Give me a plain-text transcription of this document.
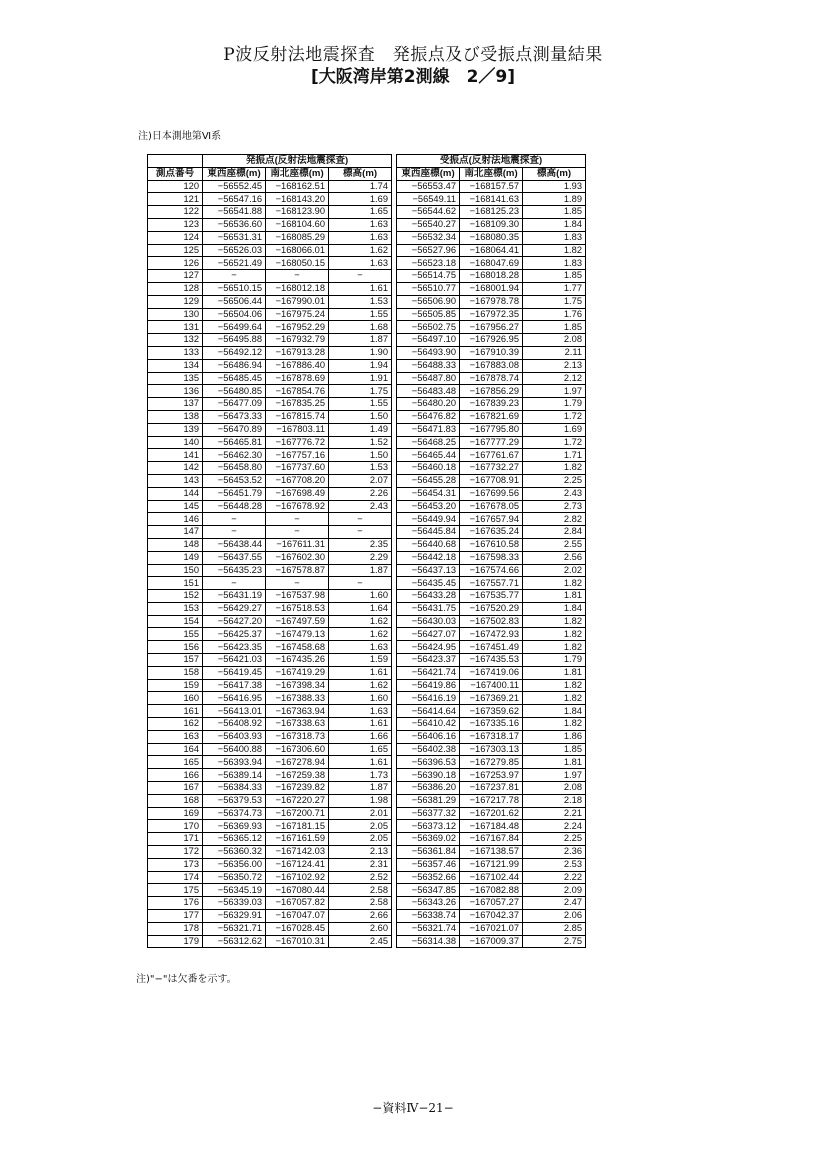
P波反射法地震探査　発振点及び受振点測量結果
[大阪湾岸第2測線　2／9]
注)日本測地第Ⅵ系
	発振点(反射法地震探査)				受振点(反射法地震探査)		
測点番号	東西座標(m)	南北座標(m)	標高(m)		東西座標(m)	南北座標(m)	標高(m)
120	−56552.45	−168162.51	1.74		−56553.47	−168157.57	1.93
121	−56547.16	−168143.20	1.69		−56549.11	−168141.63	1.89
122	−56541.88	−168123.90	1.65		−56544.62	−168125.23	1.85
123	−56536.60	−168104.60	1.63		−56540.27	−168109.30	1.84
124	−56531.31	−168085.29	1.63		−56532.34	−168080.35	1.83
125	−56526.03	−168066.01	1.62		−56527.96	−168064.41	1.82
126	−56521.49	−168050.15	1.63		−56523.18	−168047.69	1.83
127	−	−	−		−56514.75	−168018.28	1.85
128	−56510.15	−168012.18	1.61		−56510.77	−168001.94	1.77
129	−56506.44	−167990.01	1.53		−56506.90	−167978.78	1.75
130	−56504.06	−167975.24	1.55		−56505.85	−167972.35	1.76
131	−56499.64	−167952.29	1.68		−56502.75	−167956.27	1.85
132	−56495.88	−167932.79	1.87		−56497.10	−167926.95	2.08
133	−56492.12	−167913.28	1.90		−56493.90	−167910.39	2.11
134	−56486.94	−167886.40	1.94		−56488.33	−167883.08	2.13
135	−56485.45	−167878.69	1.91		−56487.80	−167878.74	2.12
136	−56480.85	−167854.76	1.75		−56483.48	−167856.29	1.97
137	−56477.09	−167835.25	1.55		−56480.20	−167839.23	1.79
138	−56473.33	−167815.74	1.50		−56476.82	−167821.69	1.72
139	−56470.89	−167803.11	1.49		−56471.83	−167795.80	1.69
140	−56465.81	−167776.72	1.52		−56468.25	−167777.29	1.72
141	−56462.30	−167757.16	1.50		−56465.44	−167761.67	1.71
142	−56458.80	−167737.60	1.53		−56460.18	−167732.27	1.82
143	−56453.52	−167708.20	2.07		−56455.28	−167708.91	2.25
144	−56451.79	−167698.49	2.26		−56454.31	−167699.56	2.43
145	−56448.28	−167678.92	2.43		−56453.20	−167678.05	2.73
146	−	−	−		−56449.94	−167657.94	2.82
147	−	−	−		−56445.84	−167635.24	2.84
148	−56438.44	−167611.31	2.35		−56440.68	−167610.58	2.55
149	−56437.55	−167602.30	2.29		−56442.18	−167598.33	2.56
150	−56435.23	−167578.87	1.87		−56437.13	−167574.66	2.02
151	−	−	−		−56435.45	−167557.71	1.82
152	−56431.19	−167537.98	1.60		−56433.28	−167535.77	1.81
153	−56429.27	−167518.53	1.64		−56431.75	−167520.29	1.84
154	−56427.20	−167497.59	1.62		−56430.03	−167502.83	1.82
155	−56425.37	−167479.13	1.62		−56427.07	−167472.93	1.82
156	−56423.35	−167458.68	1.63		−56424.95	−167451.49	1.82
157	−56421.03	−167435.26	1.59		−56423.37	−167435.53	1.79
158	−56419.45	−167419.29	1.61		−56421.74	−167419.06	1.81
159	−56417.38	−167398.34	1.62		−56419.86	−167400.11	1.82
160	−56416.95	−167388.33	1.60		−56416.19	−167369.21	1.82
161	−56413.01	−167363.94	1.63		−56414.64	−167359.62	1.84
162	−56408.92	−167338.63	1.61		−56410.42	−167335.16	1.82
163	−56403.93	−167318.73	1.66		−56406.16	−167318.17	1.86
164	−56400.88	−167306.60	1.65		−56402.38	−167303.13	1.85
165	−56393.94	−167278.94	1.61		−56396.53	−167279.85	1.81
166	−56389.14	−167259.38	1.73		−56390.18	−167253.97	1.97
167	−56384.33	−167239.82	1.87		−56386.20	−167237.81	2.08
168	−56379.53	−167220.27	1.98		−56381.29	−167217.78	2.18
169	−56374.73	−167200.71	2.01		−56377.32	−167201.62	2.21
170	−56369.93	−167181.15	2.05		−56373.12	−167184.48	2.24
171	−56365.12	−167161.59	2.05		−56369.02	−167167.84	2.25
172	−56360.32	−167142.03	2.13		−56361.84	−167138.57	2.36
173	−56356.00	−167124.41	2.31		−56357.46	−167121.99	2.53
174	−56350.72	−167102.92	2.52		−56352.66	−167102.44	2.22
175	−56345.19	−167080.44	2.58		−56347.85	−167082.88	2.09
176	−56339.03	−167057.82	2.58		−56343.26	−167057.27	2.47
177	−56329.91	−167047.07	2.66		−56338.74	−167042.37	2.06
178	−56321.71	−167028.45	2.60		−56321.74	−167021.07	2.85
179	−56312.62	−167010.31	2.45		−56314.38	−167009.37	2.75
注)"−"は欠番を示す。
−資料Ⅳ−21−
